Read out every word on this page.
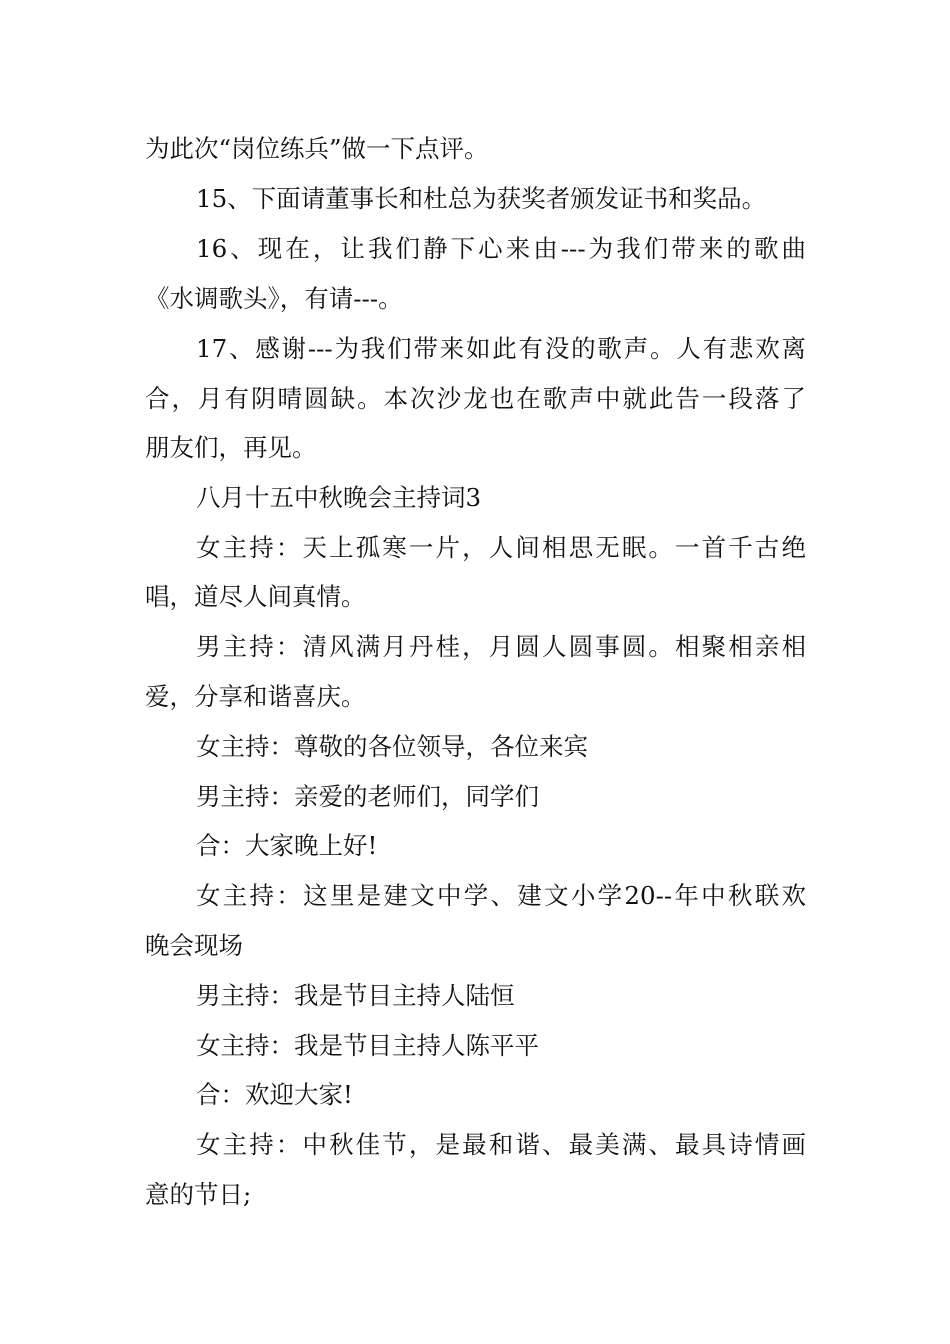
为此次“岗位练兵”做一下点评。
15、下面请董事长和杜总为获奖者颁发证书和奖品。
16、现在，让我们静下心来由---为我们带来的歌曲
《水调歌头》，有请---。
17、感谢---为我们带来如此有没的歌声。人有悲欢离
合，月有阴晴圆缺。本次沙龙也在歌声中就此告一段落了
朋友们，再见。
八月十五中秋晚会主持词3
女主持：天上孤寒一片，人间相思无眠。一首千古绝
唱，道尽人间真情。
男主持：清风满月丹桂，月圆人圆事圆。相聚相亲相
爱，分享和谐喜庆。
女主持：尊敬的各位领导，各位来宾
男主持：亲爱的老师们，同学们
合：大家晚上好!
女主持：这里是建文中学、建文小学20--年中秋联欢
晚会现场
男主持：我是节目主持人陆恒
女主持：我是节目主持人陈平平
合：欢迎大家!
女主持：中秋佳节，是最和谐、最美满、最具诗情画
意的节日;
